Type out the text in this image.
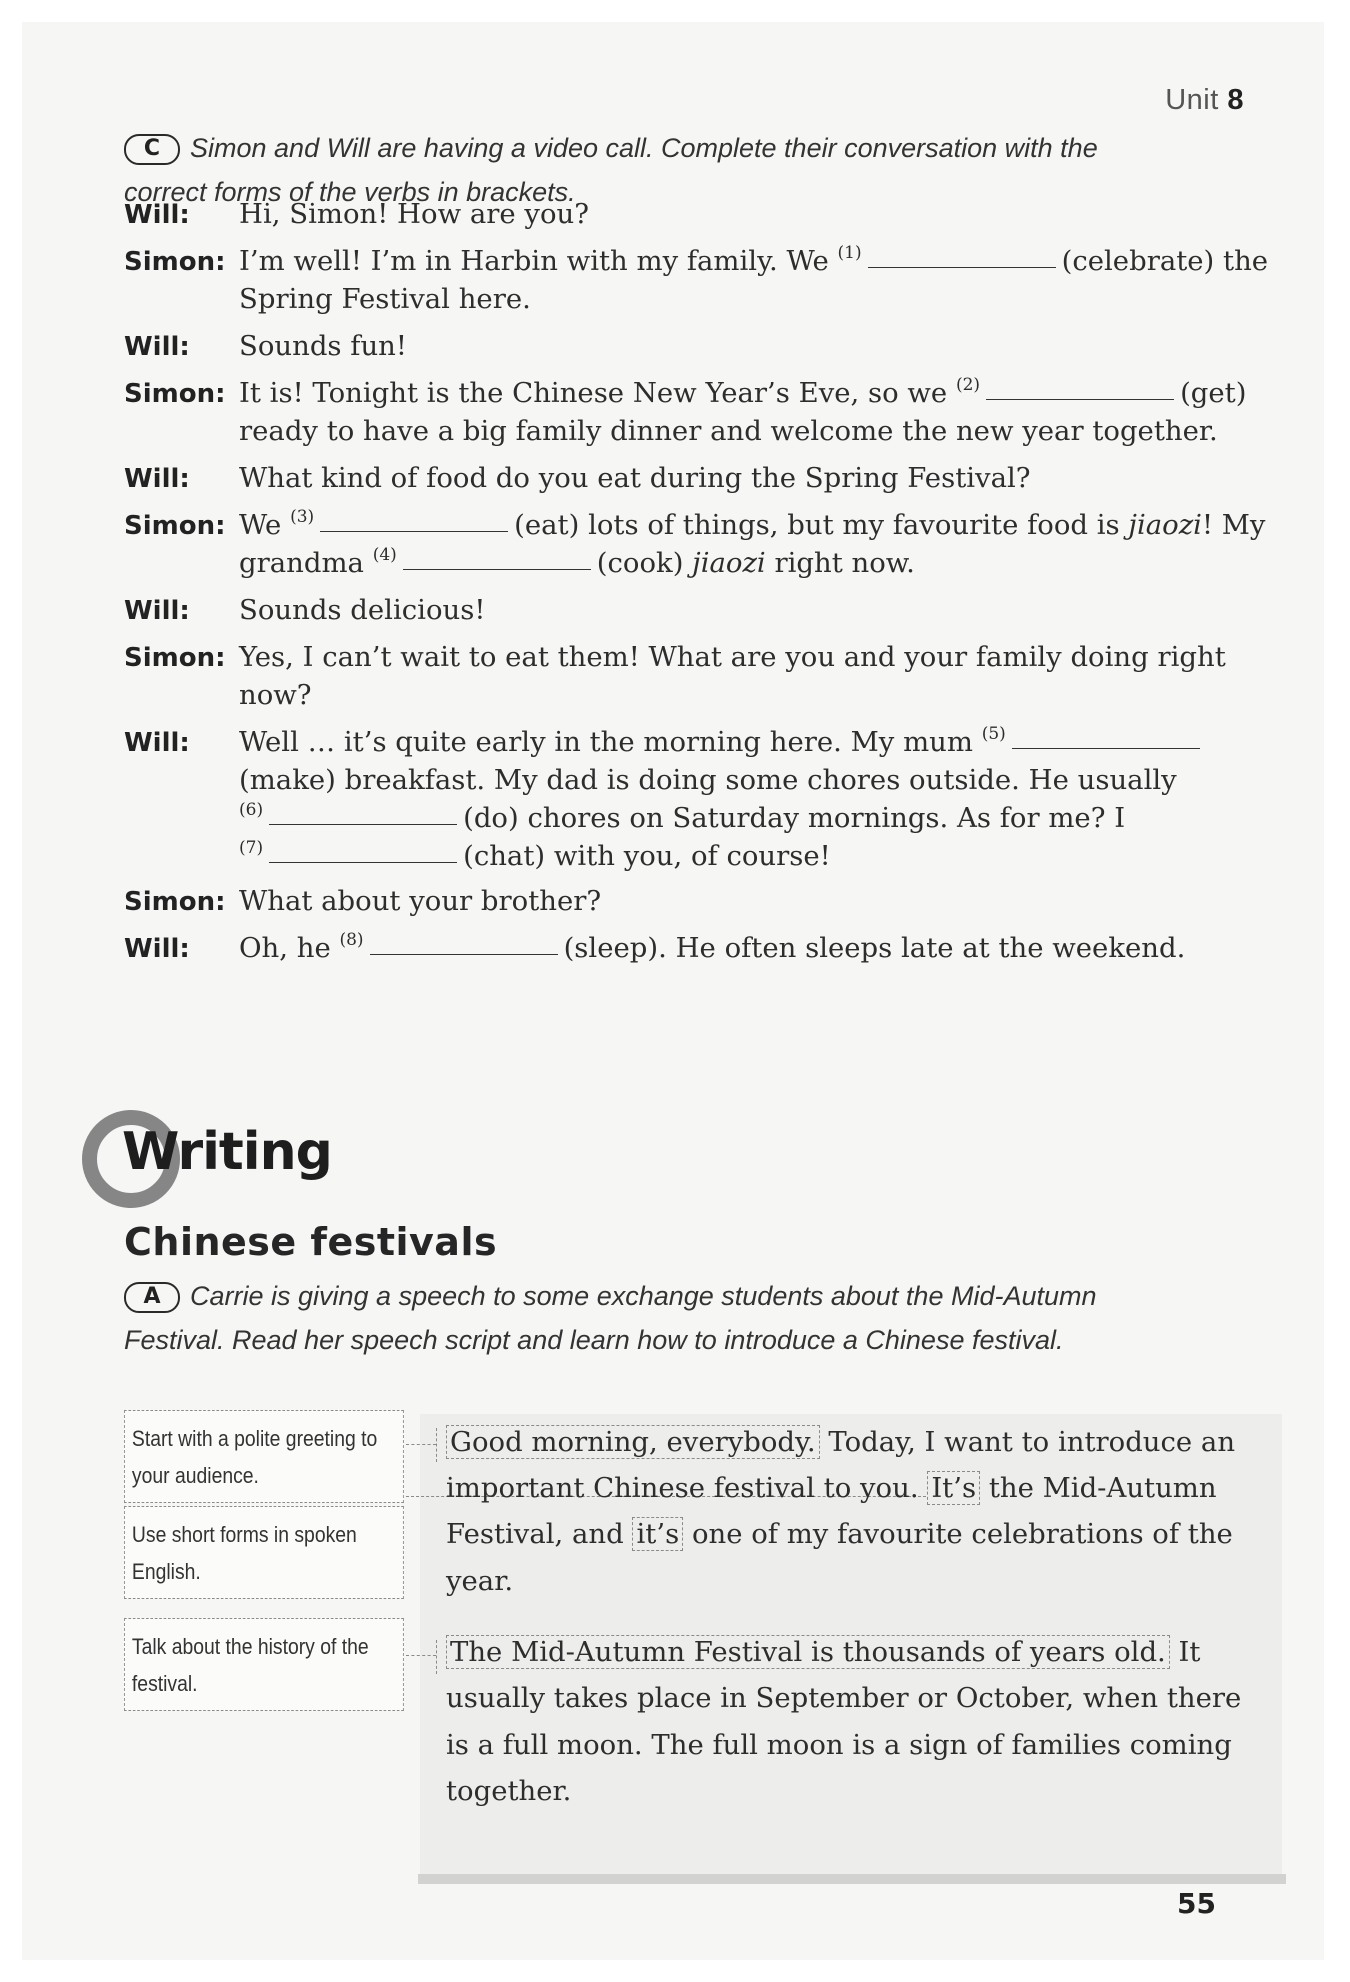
Unit 8
C Simon and Will are having a video call. Complete their conversation with the
correct forms of the verbs in brackets.
Will: Hi, Simon! How are you?
Simon: I’m well! I’m in Harbin with my family. We $^{(1)}$	(celebrate) the
Spring Festival here.
Will: Sounds fun!
Simon: It is! Tonight is the Chinese New Year’s Eve, so we $^{(2)}$	(get)
ready to have a big family dinner and welcome the new year together.
Will: What kind of food do you eat during the Spring Festival?
Simon: We $^{(3)}$	(eat) lots of things, but my favourite food is jiaozi! My
grandma $^{(4)}$	(cook) jiaozi right now.
Will: Sounds delicious!
Simon: Yes, I can’t wait to eat them! What are you and your family doing right
now?
Will: Well … it’s quite early in the morning here. My mum $^{(5)}$
(make) breakfast. My dad is doing some chores outside. He usually
$^{(6)}$	(do) chores on Saturday mornings. As for me? I
$^{(7)}$	(chat) with you, of course!
Simon: What about your brother?
Will: Oh, he $^{(8)}$	(sleep). He often sleeps late at the weekend.
Writing
Chinese festivals
A Carrie is giving a speech to some exchange students about the Mid-Autumn
Festival. Read her speech script and learn how to introduce a Chinese festival.
Start with a polite greeting to
your audience.
Use short forms in spoken
English.
Talk about the history of the
festival.
Good morning, everybody. Today, I want to introduce an
important Chinese festival to you. It’s the Mid-Autumn
Festival, and it’s one of my favourite celebrations of the
year.
The Mid-Autumn Festival is thousands of years old. It
usually takes place in September or October, when there
is a full moon. The full moon is a sign of families coming
together.
55
